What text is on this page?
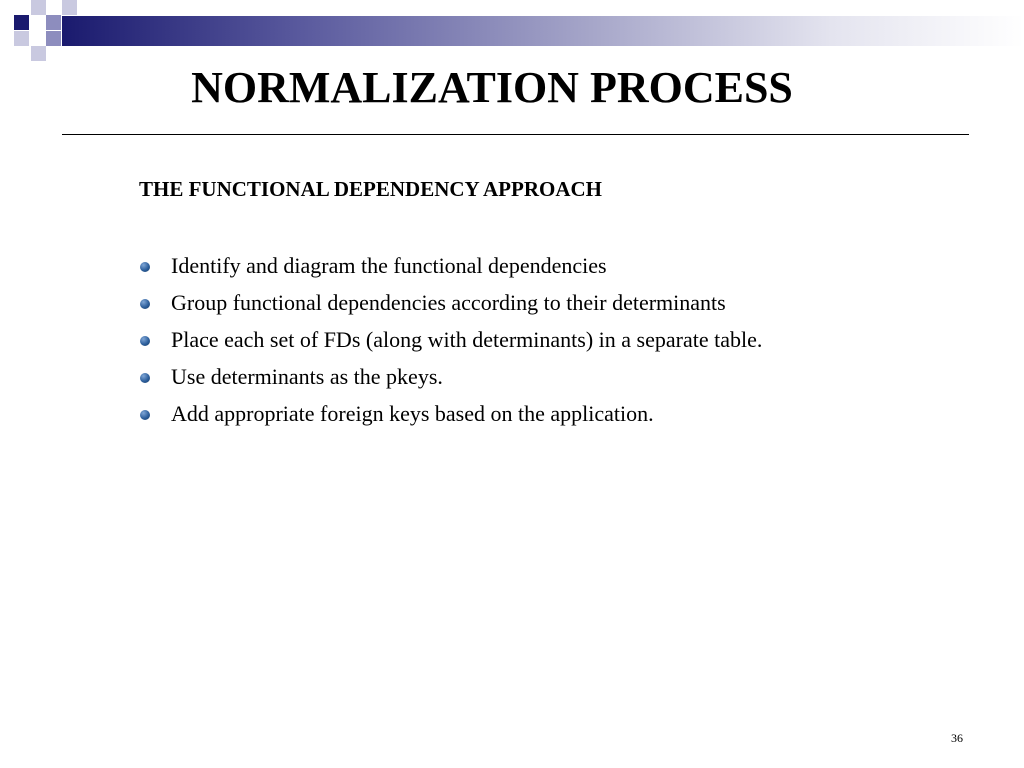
NORMALIZATION PROCESS
THE FUNCTIONAL DEPENDENCY APPROACH
Identify and diagram the functional dependencies
Group functional dependencies according to their determinants
Place each set of FDs (along with determinants) in a separate table.
Use determinants as the pkeys.
Add appropriate foreign keys based on the application.
36
